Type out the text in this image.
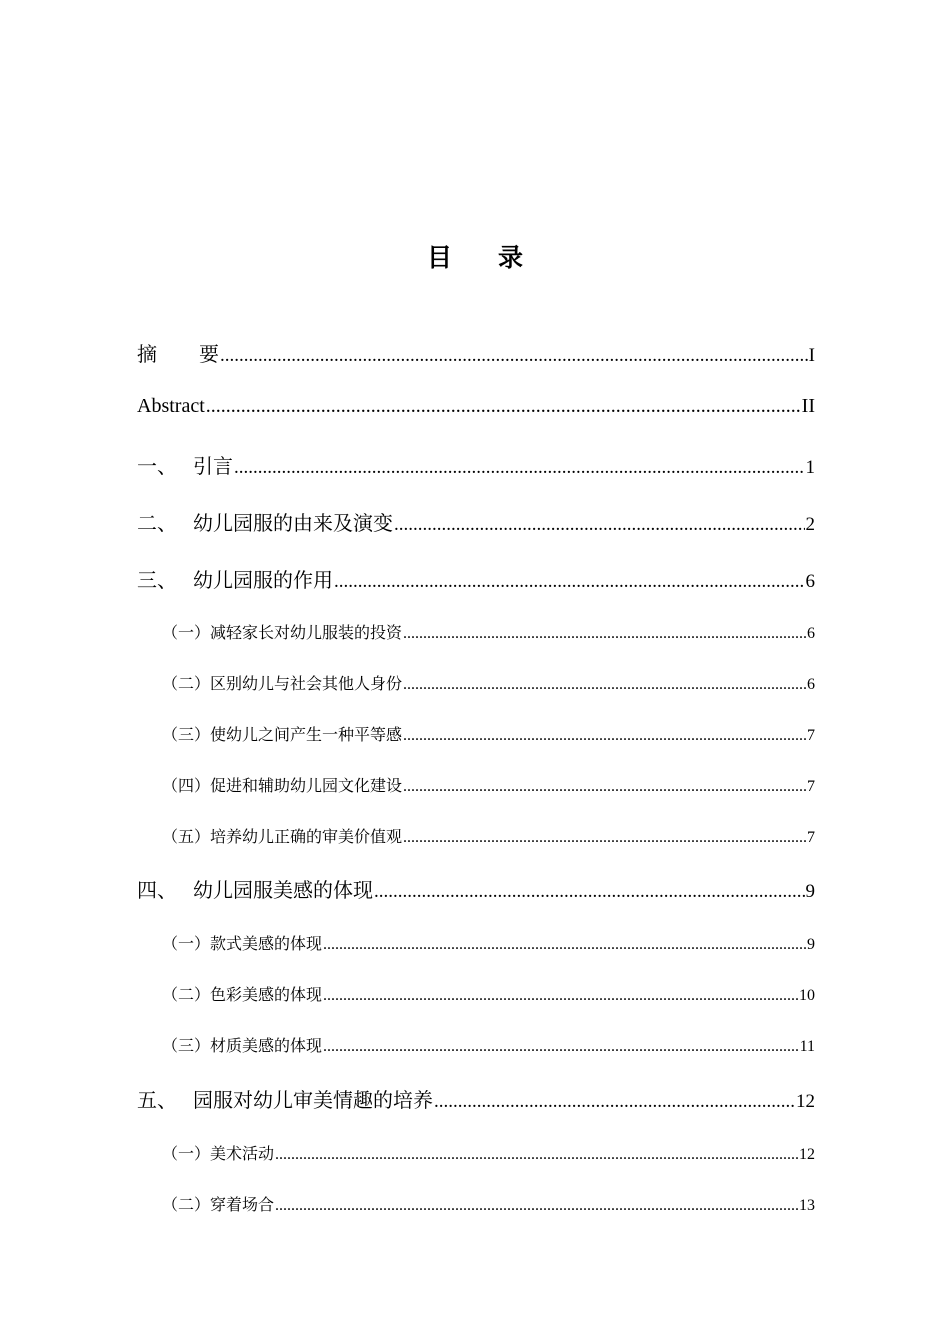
目 录
摘 要 .....	I
Abstract .....	II
一、 引言 .....	1
二、 幼儿园服的由来及演变 .....	2
三、 幼儿园服的作用 .....	6
（一）减轻家长对幼儿服装的投资 .....	6
（二）区别幼儿与社会其他人身份 .....	6
（三）使幼儿之间产生一种平等感 .....	7
（四）促进和辅助幼儿园文化建设 .....	7
（五）培养幼儿正确的审美价值观 .....	7
四、 幼儿园服美感的体现 .....	9
（一）款式美感的体现 .....	9
（二）色彩美感的体现 .....	10
（三）材质美感的体现 .....	11
五、 园服对幼儿审美情趣的培养 .....	12
（一）美术活动 .....	12
（二）穿着场合 .....	13
